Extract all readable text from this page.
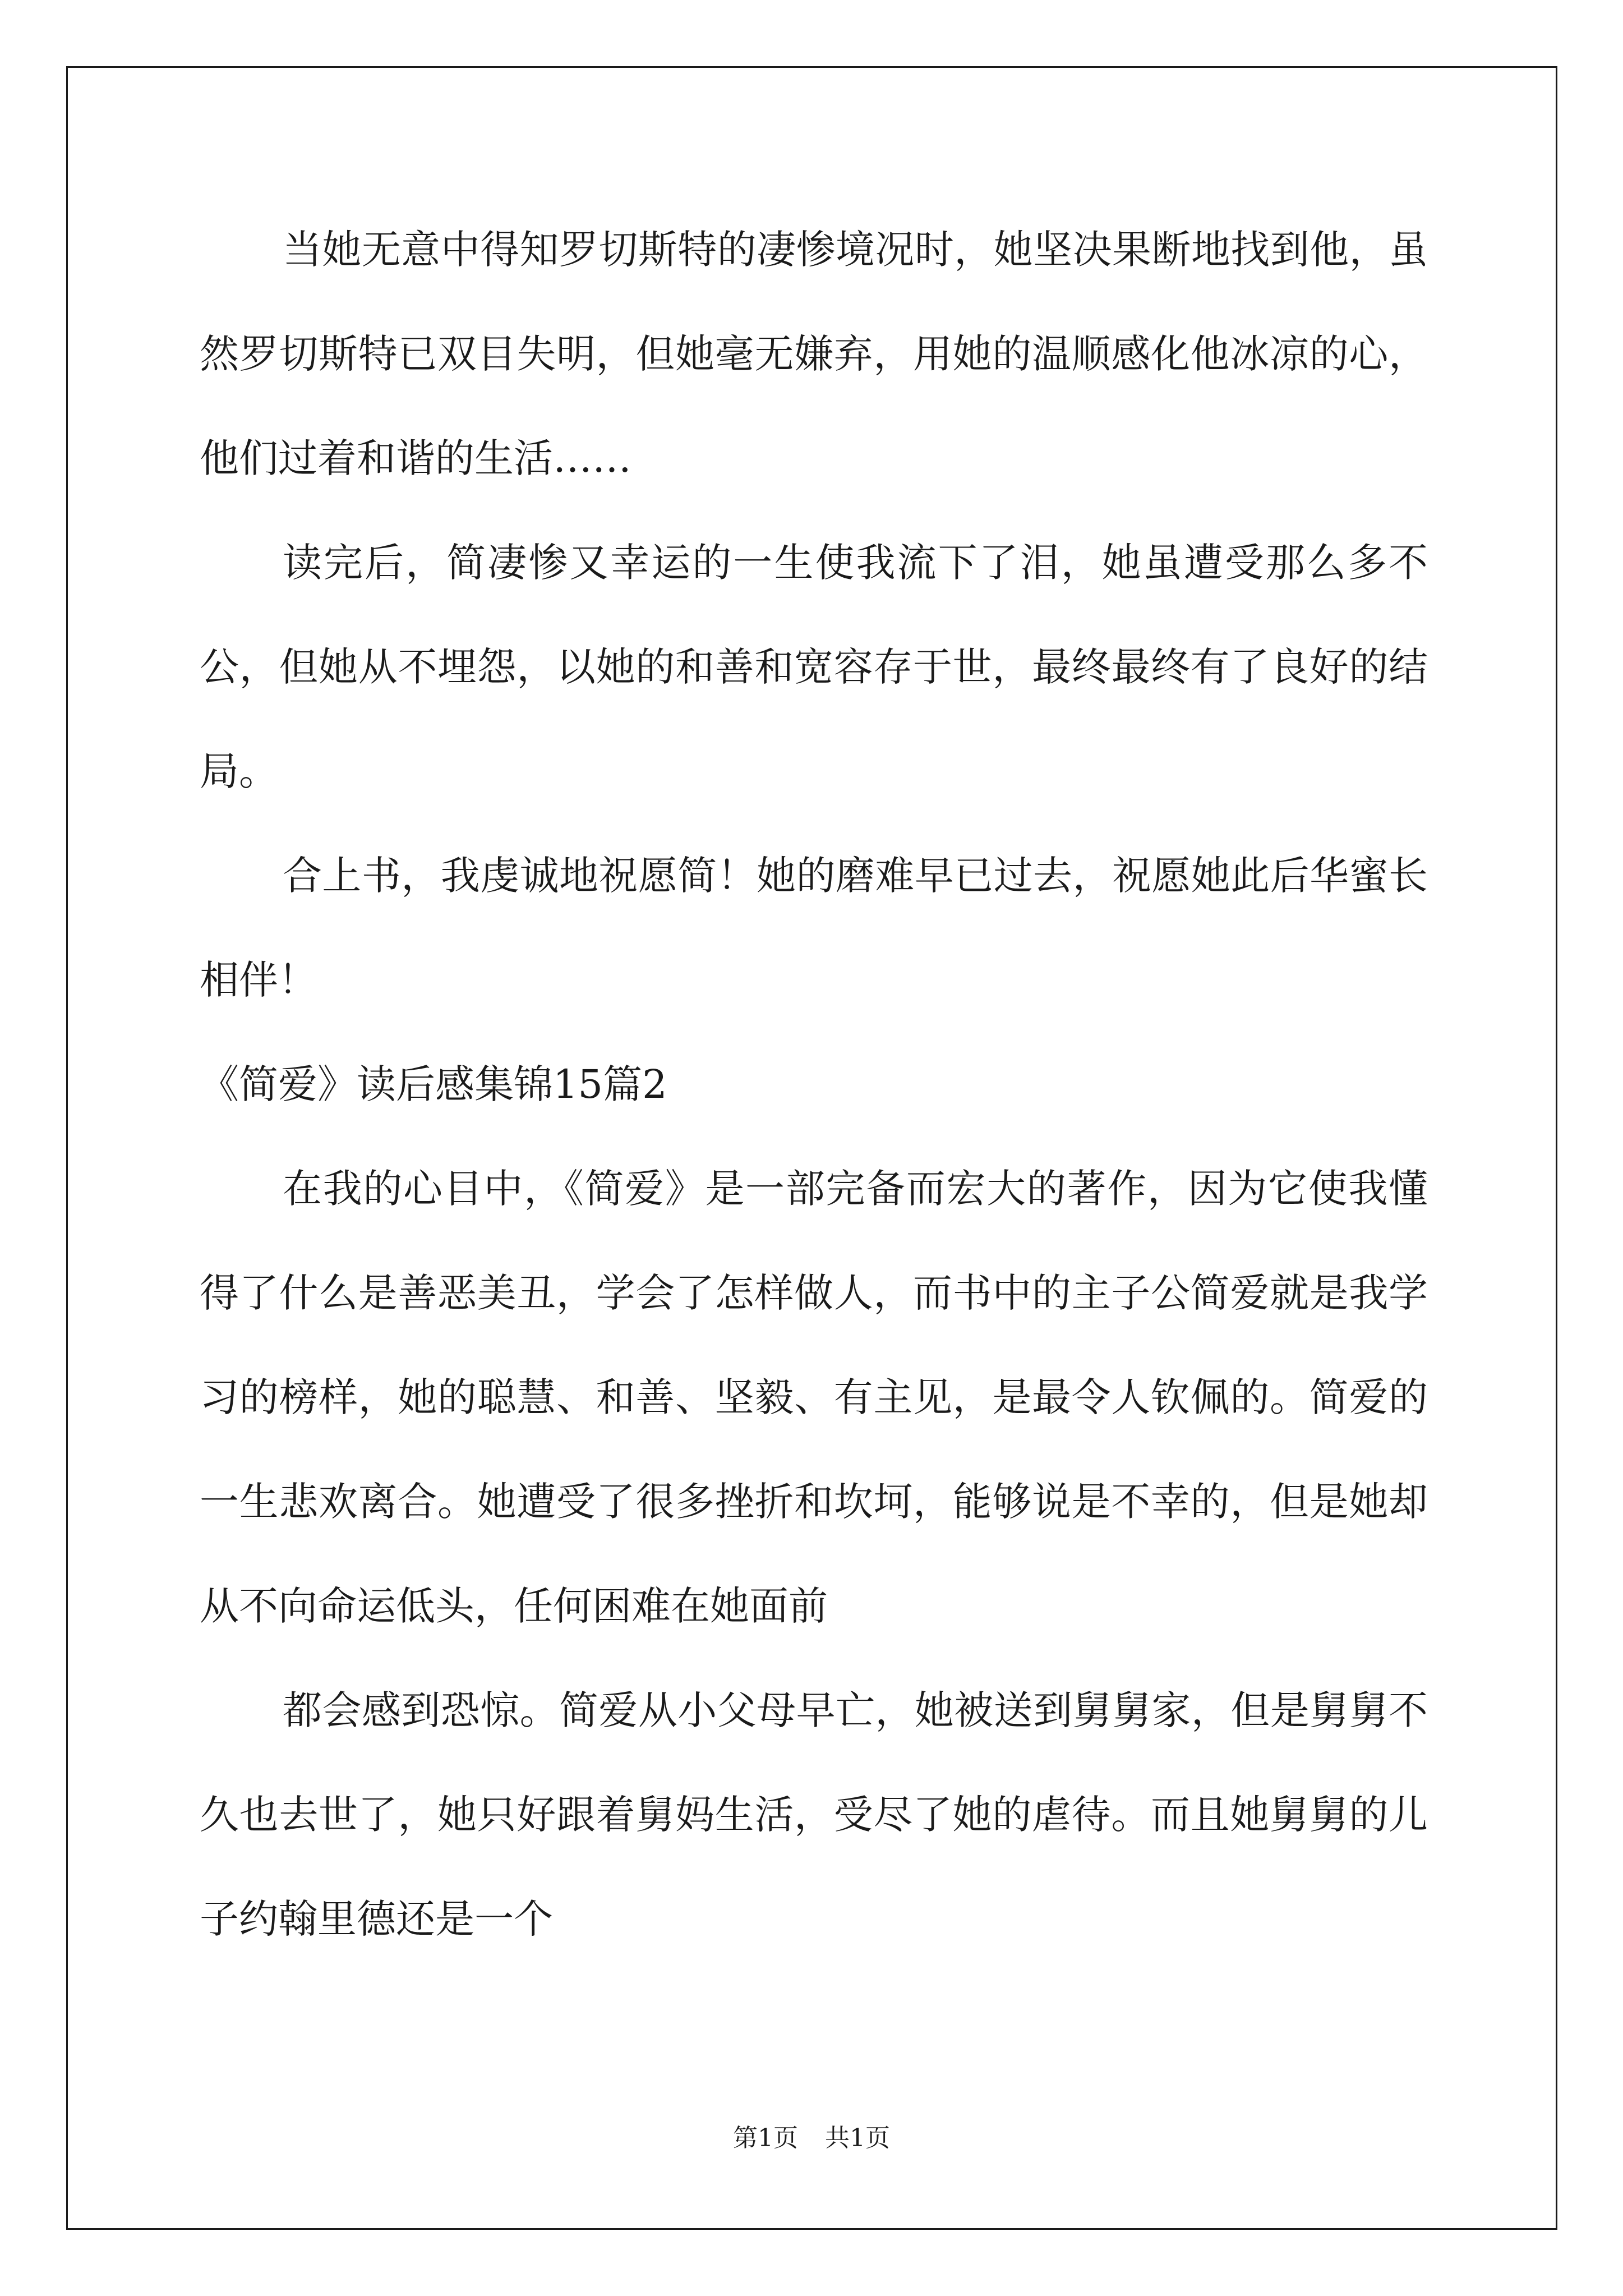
当她无意中得知罗切斯特的凄惨境况时，她坚决果断地找到他，虽然罗切斯特已双目失明，但她毫无嫌弃，用她的温顺感化他冰凉的心，他们过着和谐的生活……

读完后，简凄惨又幸运的一生使我流下了泪，她虽遭受那么多不公，但她从不埋怨，以她的和善和宽容存于世，最终最终有了良好的结局。

合上书，我虔诚地祝愿简！她的磨难早已过去，祝愿她此后华蜜长相伴！

《简爱》读后感集锦15篇2

在我的心目中，《简爱》是一部完备而宏大的著作，因为它使我懂得了什么是善恶美丑，学会了怎样做人，而书中的主子公简爱就是我学习的榜样，她的聪慧、和善、坚毅、有主见，是最令人钦佩的。简爱的一生悲欢离合。她遭受了很多挫折和坎坷，能够说是不幸的，但是她却从不向命运低头，任何困难在她面前

都会感到恐惊。简爱从小父母早亡，她被送到舅舅家，但是舅舅不久也去世了，她只好跟着舅妈生活，受尽了她的虐待。而且她舅舅的儿子约翰里德还是一个

第1页 共1页
